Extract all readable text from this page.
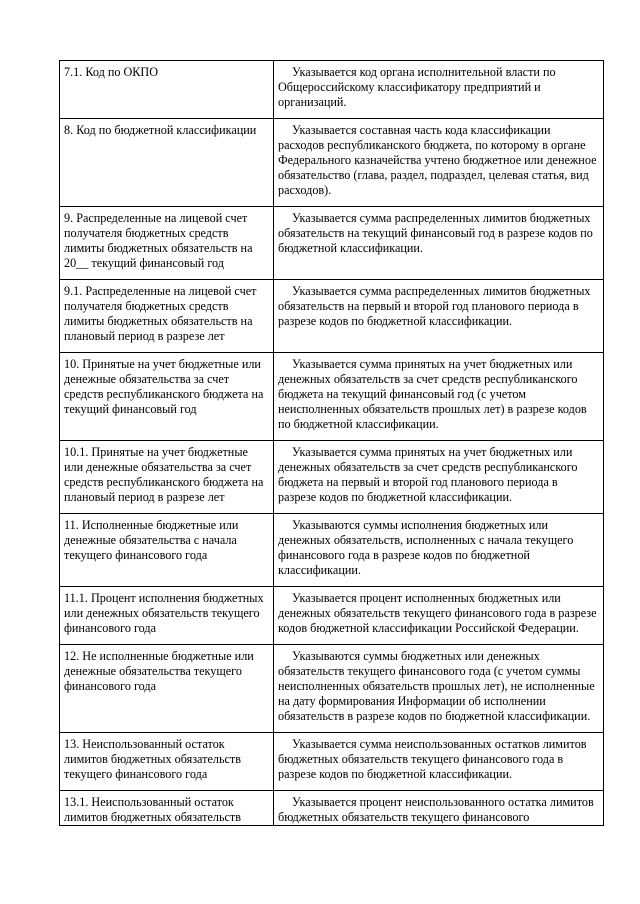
7.1. Код по ОКПО	Указывается код органа исполнительной власти по Общероссийскому классификатору предприятий и организаций.

8. Код по бюджетной классификации	Указывается составная часть кода классификации расходов республиканского бюджета, по которому в органе Федерального казначейства учтено бюджетное или денежное обязательство (глава, раздел, подраздел, целевая статья, вид расходов).

9. Распределенные на лицевой счет получателя бюджетных средств лимиты бюджетных обязательств на 20__ текущий финансовый год	Указывается сумма распределенных лимитов бюджетных обязательств на текущий финансовый год в разрезе кодов по бюджетной классификации.

9.1. Распределенные на лицевой счет получателя бюджетных средств лимиты бюджетных обязательств на плановый период в разрезе лет	Указывается сумма распределенных лимитов бюджетных обязательств на первый и второй год планового периода в разрезе кодов по бюджетной классификации.

10. Принятые на учет бюджетные или денежные обязательства за счет средств республиканского бюджета на текущий финансовый год	Указывается сумма принятых на учет бюджетных или денежных обязательств за счет средств республиканского бюджета на текущий финансовый год (с учетом неисполненных обязательств прошлых лет) в разрезе кодов по бюджетной классификации.

10.1. Принятые на учет бюджетные или денежные обязательства за счет средств республиканского бюджета на плановый период в разрезе лет	Указывается сумма принятых на учет бюджетных или денежных обязательств за счет средств республиканского бюджета на первый и второй год планового периода в разрезе кодов по бюджетной классификации.

11. Исполненные бюджетные или денежные обязательства с начала текущего финансового года	Указываются суммы исполнения бюджетных или денежных обязательств, исполненных с начала текущего финансового года в разрезе кодов по бюджетной классификации.

11.1. Процент исполнения бюджетных или денежных обязательств текущего финансового года	Указывается процент исполненных бюджетных или денежных обязательств текущего финансового года в разрезе кодов бюджетной классификации Российской Федерации.

12. Не исполненные бюджетные или денежные обязательства текущего финансового года	Указываются суммы бюджетных или денежных обязательств текущего финансового года (с учетом суммы неисполненных обязательств прошлых лет), не исполненные на дату формирования Информации об исполнении обязательств в разрезе кодов по бюджетной классификации.

13. Неиспользованный остаток лимитов бюджетных обязательств текущего финансового года	Указывается сумма неиспользованных остатков лимитов бюджетных обязательств текущего финансового года в разрезе кодов по бюджетной классификации.

13.1. Неиспользованный остаток лимитов бюджетных обязательств	Указывается процент неиспользованного остатка лимитов бюджетных обязательств текущего финансового
